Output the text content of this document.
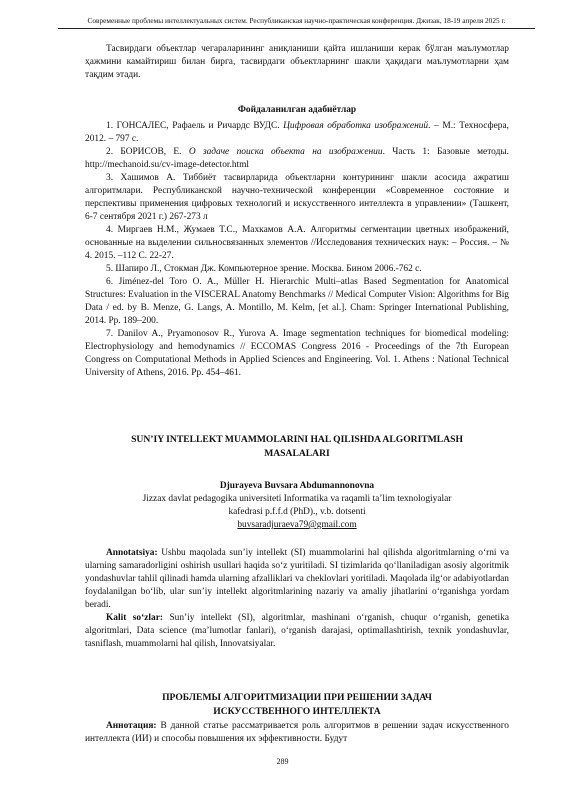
Современные проблемы интеллектуальных систем. Республиканская научно-практическая конференция. Джизак, 18-19 апреля 2025 г.

Тасвирдаги объектлар чегараларининг аниқланиши қайта ишланиши керак бўлган маълумотлар ҳажмини камайтириш билан бирга, тасвирдаги объектларнинг шакли ҳақидаги маълумотларни ҳам тақдим этади.

Фойдаланилган адабиётлар

1. ГОНСАЛЕС, Рафаель и Ричардс ВУДС. Цифровая обработка изображений. – М.: Техносфера, 2012. – 797 с.

2. БОРИСОВ, Е. О задаче поиска объекта на изображении. Часть 1: Базовые методы. http://mechanoid.su/cv-image-detector.html

3. Хашимов А. Тиббиёт тасвирларида объектларни контурининг шакли асосида ажратиш алгоритмлари. Республиканской научно-технической конференции «Современное состояние и перспективы применения цифровых технологий и искусственного интеллекта в управлении» (Ташкент, 6-7 сентября 2021 г.) 267-273 л

4. Миргаев Н.М., Жумаев Т.С., Махкамов А.А. Алгоритмы сегментации цветных изображений, основанные на выделении сильносвязанных элементов //Исследования технических наук: – Россия. – № 4. 2015. –112 С. 22-27.

5. Шапиро Л., Стокман Дж. Компьютерное зрение. Москва. Бином 2006.-762 с.

6. Jiménez-del Toro O. A., Müller H. Hierarchic Multi–atlas Based Segmentation for Anatomical Structures: Evaluation in the VISCERAL Anatomy Benchmarks // Medical Computer Vision: Algorithms for Big Data / ed. by B. Menze, G. Langs, A. Montillo, M. Kelm, [et al.]. Cham: Springer International Publishing, 2014. Pp. 189–200.

7. Danilov A., Pryamonosov R., Yurova A. Image segmentation techniques for biomedical modeling: Electrophysiology and hemodynamics // ECCOMAS Congress 2016 - Proceedings of the 7th European Congress on Computational Methods in Applied Sciences and Engineering. Vol. 1. Athens : National Technical University of Athens, 2016. Pp. 454–461.

SUN’IY INTELLEKT MUAMMOLARINI HAL QILISHDA ALGORITMLASH
MASALALARI
Djurayeva Buvsara Abdumannonovna
Jizzax davlat pedagogika universiteti Informatika va raqamli ta’lim texnologiyalar
kafedrasi p.f.f.d (PhD)., v.b. dotsenti
buvsaradjuraeva79@gmail.com

Annotatsiya: Ushbu maqolada sun’iy intellekt (SI) muammolarini hal qilishda algoritmlarning o‘rni va ularning samaradorligini oshirish usullari haqida so‘z yuritiladi. SI tizimlarida qo‘llaniladigan asosiy algoritmik yondashuvlar tahlil qilinadi hamda ularning afzalliklari va cheklovlari yoritiladi. Maqolada ilg‘or adabiyotlardan foydalanilgan bo‘lib, ular sun’iy intellekt algoritmlarining nazariy va amaliy jihatlarini o‘rganishga yordam beradi.

Kalit so‘zlar: Sun’iy intellekt (SI), algoritmlar, mashinani o‘rganish, chuqur o‘rganish, genetika algoritmlari, Data science (ma’lumotlar fanlari), o‘rganish darajasi, optimallashtirish, texnik yondashuvlar, tasniflash, muammolarni hal qilish, Innovatsiyalar.

ПРОБЛЕМЫ АЛГОРИТМИЗАЦИИ ПРИ РЕШЕНИИ ЗАДАЧ
ИСКУССТВЕННОГО ИНТЕЛЛЕКТА

Аннотация: В данной статье рассматривается роль алгоритмов в решении задач искусственного интеллекта (ИИ) и способы повышения их эффективности. Будут

289
